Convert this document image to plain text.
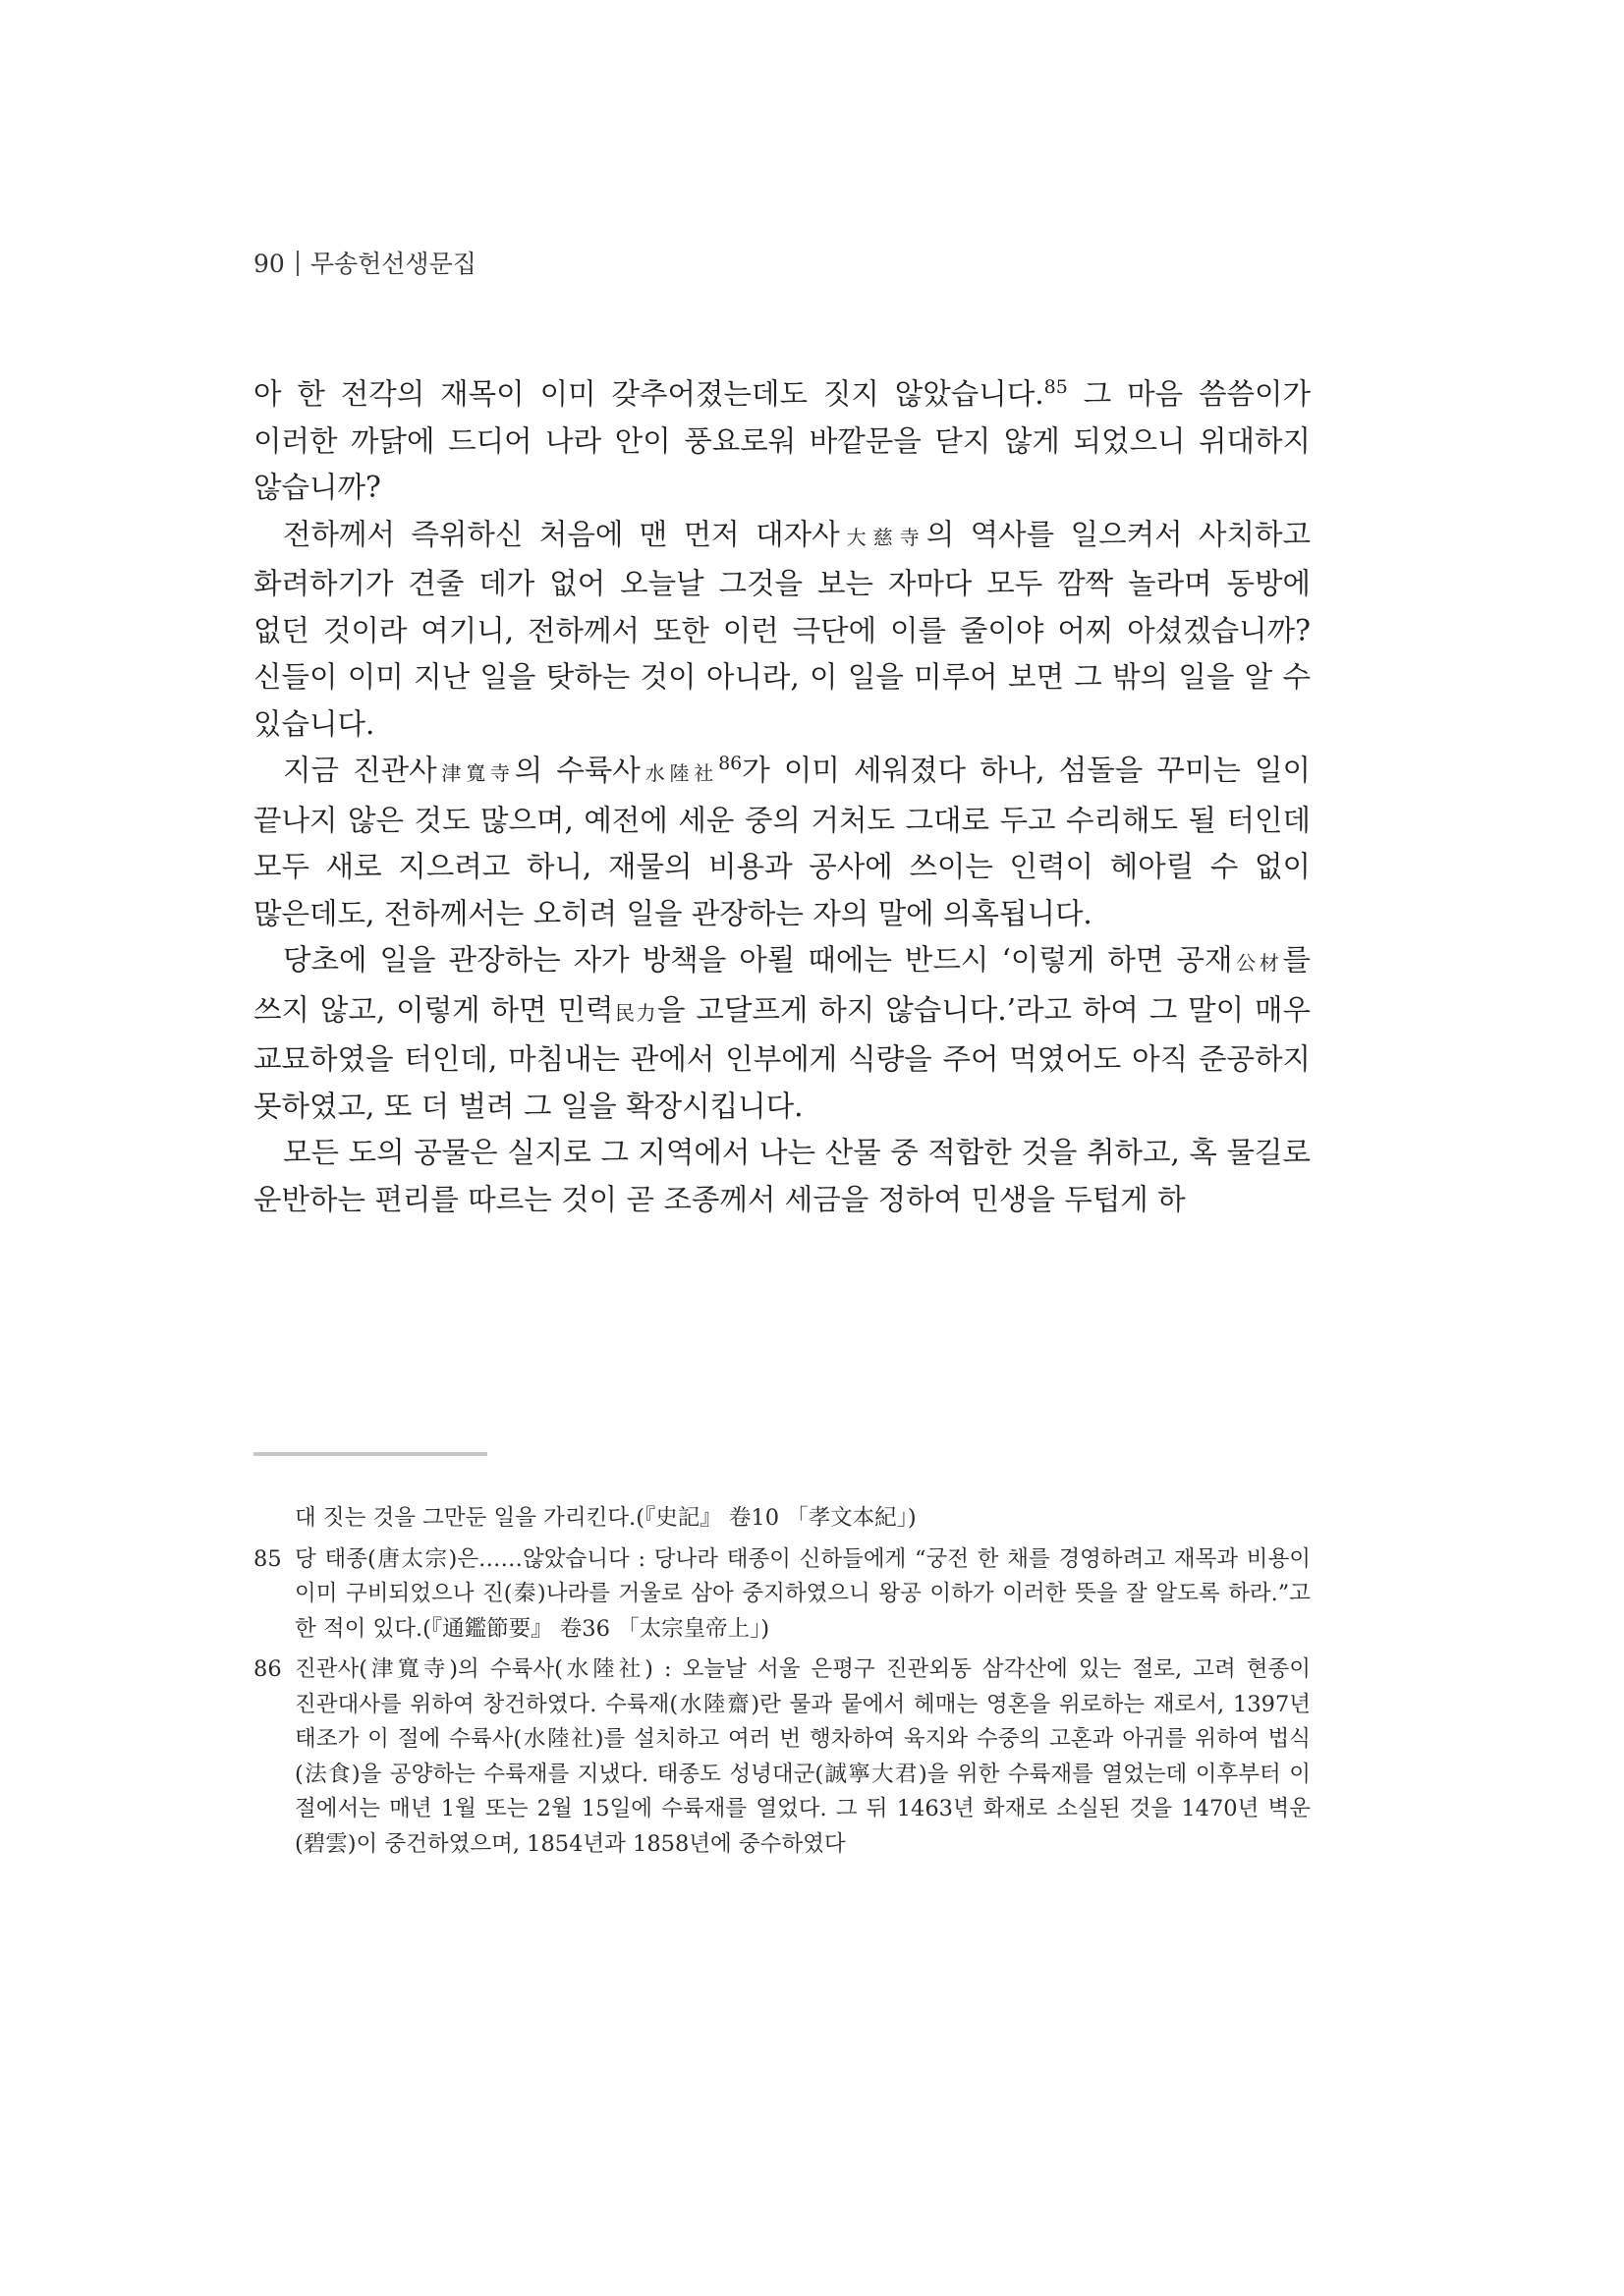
90 무송헌선생문집

아 한 전각의 재목이 이미 갖추어졌는데도 짓지 않았습니다.$^{85}$ 그 마음 씀씀이가 이러한 까닭에 드디어 나라 안이 풍요로워 바깥문을 닫지 않게 되었으니 위대하지 않습니까?

전하께서 즉위하신 처음에 맨 먼저 대자사大慈寺의 역사를 일으켜서 사치하고 화려하기가 견줄 데가 없어 오늘날 그것을 보는 자마다 모두 깜짝 놀라며 동방에 없던 것이라 여기니, 전하께서 또한 이런 극단에 이를 줄이야 어찌 아셨겠습니까? 신들이 이미 지난 일을 탓하는 것이 아니라, 이 일을 미루어 보면 그 밖의 일을 알 수 있습니다.

지금 진관사津寬寺의 수륙사水陸社$^{86}$가 이미 세워졌다 하나, 섬돌을 꾸미는 일이 끝나지 않은 것도 많으며, 예전에 세운 중의 거처도 그대로 두고 수리해도 될 터인데 모두 새로 지으려고 하니, 재물의 비용과 공사에 쓰이는 인력이 헤아릴 수 없이 많은데도, 전하께서는 오히려 일을 관장하는 자의 말에 의혹됩니다.

당초에 일을 관장하는 자가 방책을 아뢸 때에는 반드시 ‘이렇게 하면 공재公材를 쓰지 않고, 이렇게 하면 민력民力을 고달프게 하지 않습니다.’라고 하여 그 말이 매우 교묘하였을 터인데, 마침내는 관에서 인부에게 식량을 주어 먹였어도 아직 준공하지 못하였고, 또 더 벌려 그 일을 확장시킵니다.

모든 도의 공물은 실지로 그 지역에서 나는 산물 중 적합한 것을 취하고, 혹 물길로 운반하는 편리를 따르는 것이 곧 조종께서 세금을 정하여 민생을 두텁게 하

대 짓는 것을 그만둔 일을 가리킨다.(『史記』 卷10 「孝文本紀」)
85 당 태종(唐太宗)은……않았습니다 : 당나라 태종이 신하들에게 “궁전 한 채를 경영하려고 재목과 비용이 이미 구비되었으나 진(秦)나라를 거울로 삼아 중지하였으니 왕공 이하가 이러한 뜻을 잘 알도록 하라.”고 한 적이 있다.(『通鑑節要』 卷36 「太宗皇帝上」)
86 진관사(津寬寺)의 수륙사(水陸社) : 오늘날 서울 은평구 진관외동 삼각산에 있는 절로, 고려 현종이 진관대사를 위하여 창건하였다. 수륙재(水陸齋)란 물과 뭍에서 헤매는 영혼을 위로하는 재로서, 1397년 태조가 이 절에 수륙사(水陸社)를 설치하고 여러 번 행차하여 육지와 수중의 고혼과 아귀를 위하여 법식(法食)을 공양하는 수륙재를 지냈다. 태종도 성녕대군(誠寧大君)을 위한 수륙재를 열었는데 이후부터 이 절에서는 매년 1월 또는 2월 15일에 수륙재를 열었다. 그 뒤 1463년 화재로 소실된 것을 1470년 벽운(碧雲)이 중건하였으며, 1854년과 1858년에 중수하였다
